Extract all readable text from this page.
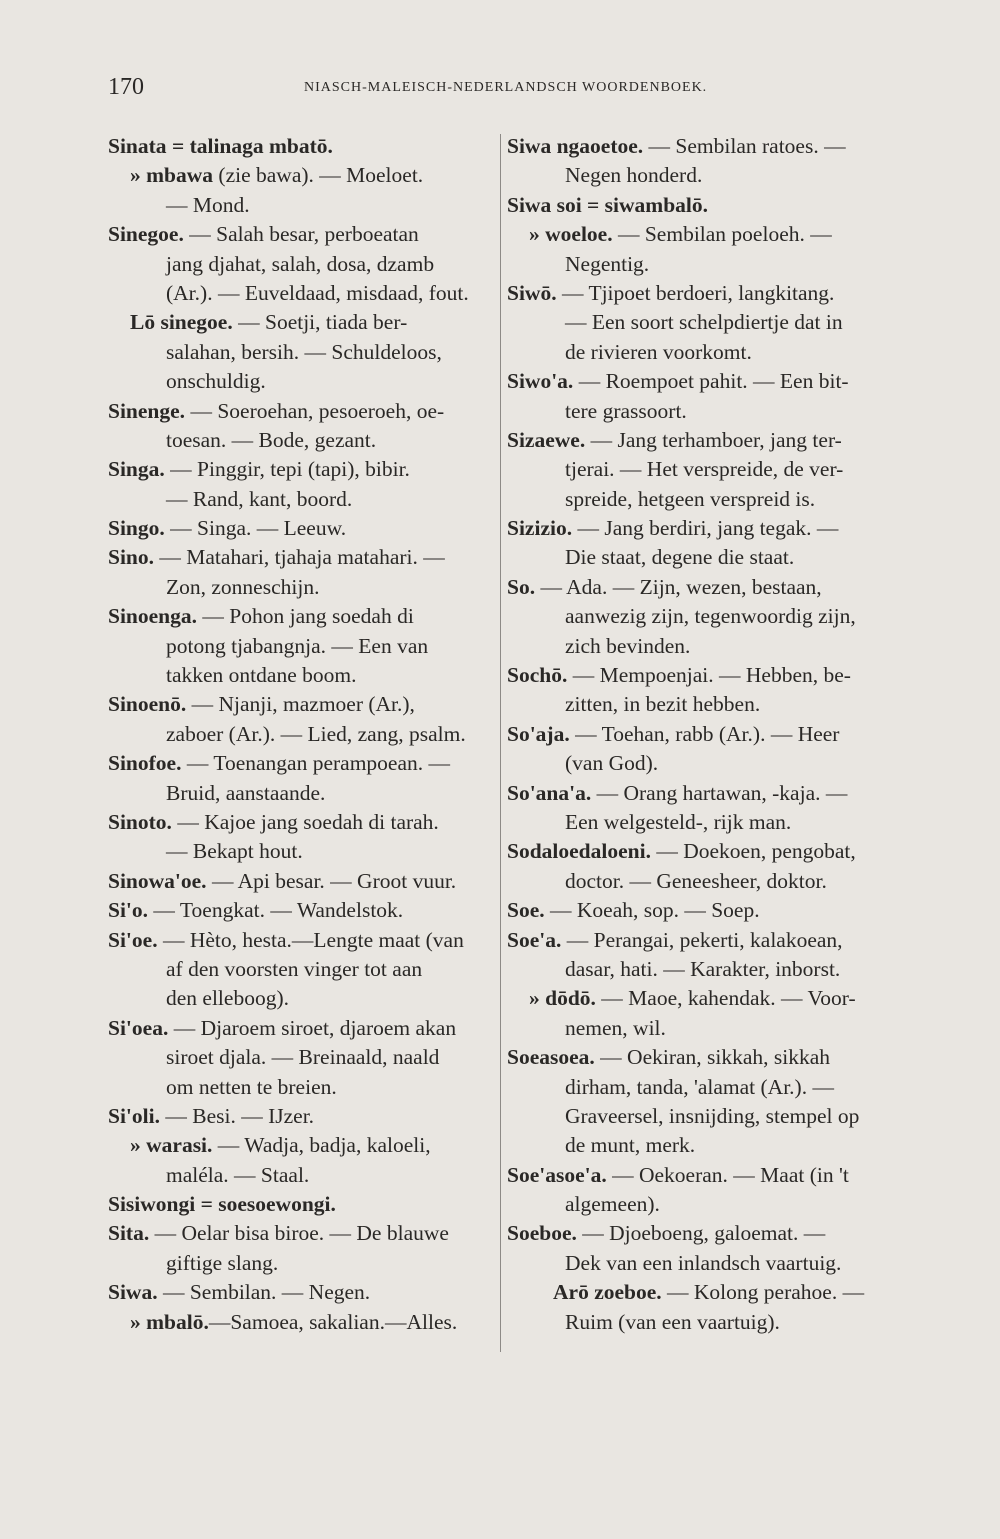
170	NIASCH-MALEISCH-NEDERLANDSCH WOORDENBOEK.
Sinata = talinaga mbatō.
» mbawa (zie bawa). — Moeloet.
— Mond.
Sinegoe. — Salah besar, perboeatan
jang djahat, salah, dosa, dzamb
(Ar.). — Euveldaad, misdaad, fout.
Lō sinegoe. — Soetji, tiada ber-
salahan, bersih. — Schuldeloos,
onschuldig.
Sinenge. — Soeroehan, pesoeroeh, oe-
toesan. — Bode, gezant.
Singa. — Pinggir, tepi (tapi), bibir.
— Rand, kant, boord.
Singo. — Singa. — Leeuw.
Sino. — Matahari, tjahaja matahari. —
Zon, zonneschijn.
Sinoenga. — Pohon jang soedah di
potong tjabangnja. — Een van
takken ontdane boom.
Sinoenō. — Njanji, mazmoer (Ar.),
zaboer (Ar.). — Lied, zang, psalm.
Sinofoe. — Toenangan perampoean. —
Bruid, aanstaande.
Sinoto. — Kajoe jang soedah di tarah.
— Bekapt hout.
Sinowa'oe. — Api besar. — Groot vuur.
Si'o. — Toengkat. — Wandelstok.
Si'oe. — Hèto, hesta.—Lengte maat (van
af den voorsten vinger tot aan
den elleboog).
Si'oea. — Djaroem siroet, djaroem akan
siroet djala. — Breinaald, naald
om netten te breien.
Si'oli. — Besi. — IJzer.
» warasi. — Wadja, badja, kaloeli,
maléla. — Staal.
Sisiwongi = soesoewongi.
Sita. — Oelar bisa biroe. — De blauwe
giftige slang.
Siwa. — Sembilan. — Negen.
» mbalō.—Samoea, sakalian.—Alles.
Siwa ngaoetoe. — Sembilan ratoes. —
Negen honderd.
Siwa soi = siwambalō.
» woeloe. — Sembilan poeloeh. —
Negentig.
Siwō. — Tjipoet berdoeri, langkitang.
— Een soort schelpdiertje dat in
de rivieren voorkomt.
Siwo'a. — Roempoet pahit. — Een bit-
tere grassoort.
Sizaewe. — Jang terhamboer, jang ter-
tjerai. — Het verspreide, de ver-
spreide, hetgeen verspreid is.
Sizizio. — Jang berdiri, jang tegak. —
Die staat, degene die staat.
So. — Ada. — Zijn, wezen, bestaan,
aanwezig zijn, tegenwoordig zijn,
zich bevinden.
Sochō. — Mempoenjai. — Hebben, be-
zitten, in bezit hebben.
So'aja. — Toehan, rabb (Ar.). — Heer
(van God).
So'ana'a. — Orang hartawan, -kaja. —
Een welgesteld-, rijk man.
Sodaloedaloeni. — Doekoen, pengobat,
doctor. — Geneesheer, doktor.
Soe. — Koeah, sop. — Soep.
Soe'a. — Perangai, pekerti, kalakoean,
dasar, hati. — Karakter, inborst.
» dōdō. — Maoe, kahendak. — Voor-
nemen, wil.
Soeasoea. — Oekiran, sikkah, sikkah
dirham, tanda, 'alamat (Ar.). —
Graveersel, insnijding, stempel op
de munt, merk.
Soe'asoe'a. — Oekoeran. — Maat (in 't
algemeen).
Soeboe. — Djoeboeng, galoemat. —
Dek van een inlandsch vaartuig.
Arō zoeboe. — Kolong perahoe. —
Ruim (van een vaartuig).
